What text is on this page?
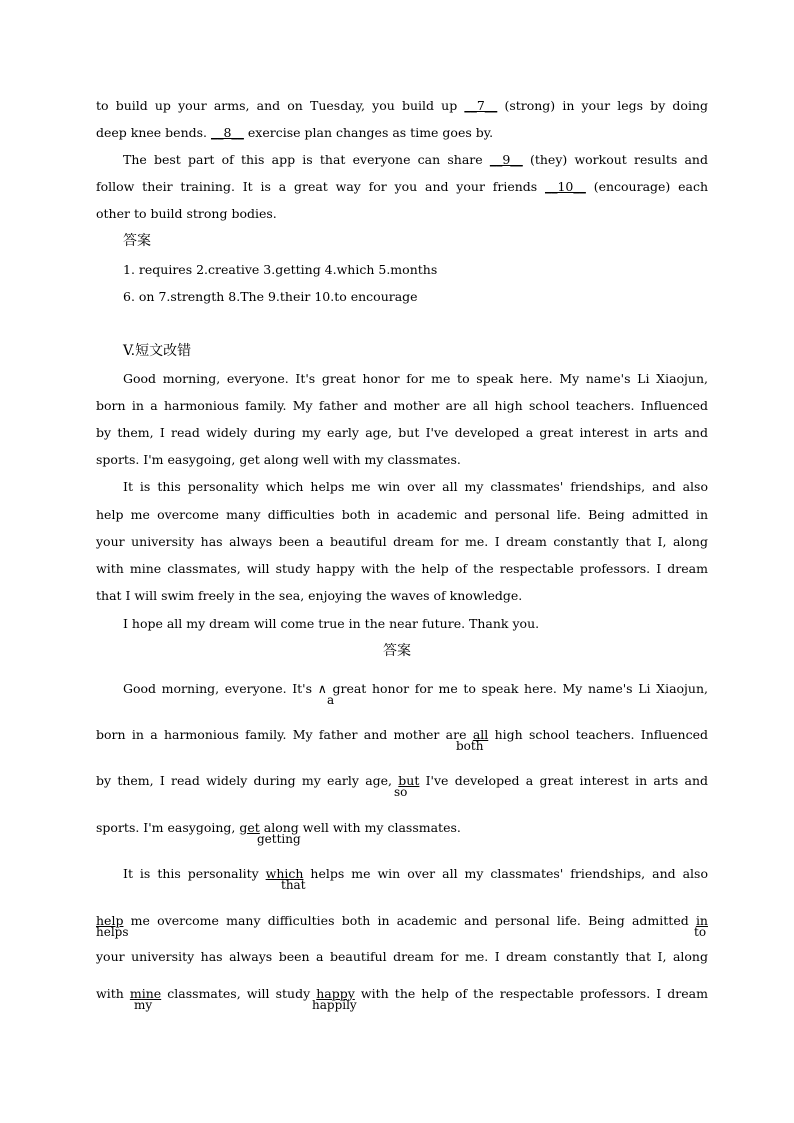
to build up your arms, and on Tuesday, you build up __7__ (strong) in your legs by doing
deep knee bends. __8__ exercise plan changes as time goes by.
The best part of this app is that everyone can share __9__ (they) workout results and
follow their training. It is a great way for you and your friends __10__ (encourage) each
other to build strong bodies.
答案
1. requires 2.creative 3.getting 4.which 5.months
6. on 7.strength 8.The 9.their 10.to encourage
V.短文改错
Good morning, everyone. It's great honor for me to speak here. My name's Li Xiaojun,
born in a harmonious family. My father and mother are all high school teachers. Influenced
by them, I read widely during my early age, but I've developed a great interest in arts and
sports. I'm easygoing, get along well with my classmates.
It is this personality which helps me win over all my classmates' friendships, and also
help me overcome many difficulties both in academic and personal life. Being admitted in
your university has always been a beautiful dream for me. I dream constantly that I, along
with mine classmates, will study happy with the help of the respectable professors. I dream
that I will swim freely in the sea, enjoying the waves of knowledge.
I hope all my dream will come true in the near future. Thank you.
答案
Good morning, everyone. It's ∧ great honor for me to speak here. My name's Li Xiaojun,
a
born in a harmonious family. My father and mother are all high school teachers. Influenced
both
by them, I read widely during my early age, but I've developed a great interest in arts and
so
sports. I'm easygoing, get along well with my classmates.
getting
It is this personality which helps me win over all my classmates' friendships, and also
that
help me overcome many difficulties both in academic and personal life. Being admitted in
helps	to
your university has always been a beautiful dream for me. I dream constantly that I, along
with mine classmates, will study happy with the help of the respectable professors. I dream
my	happily
